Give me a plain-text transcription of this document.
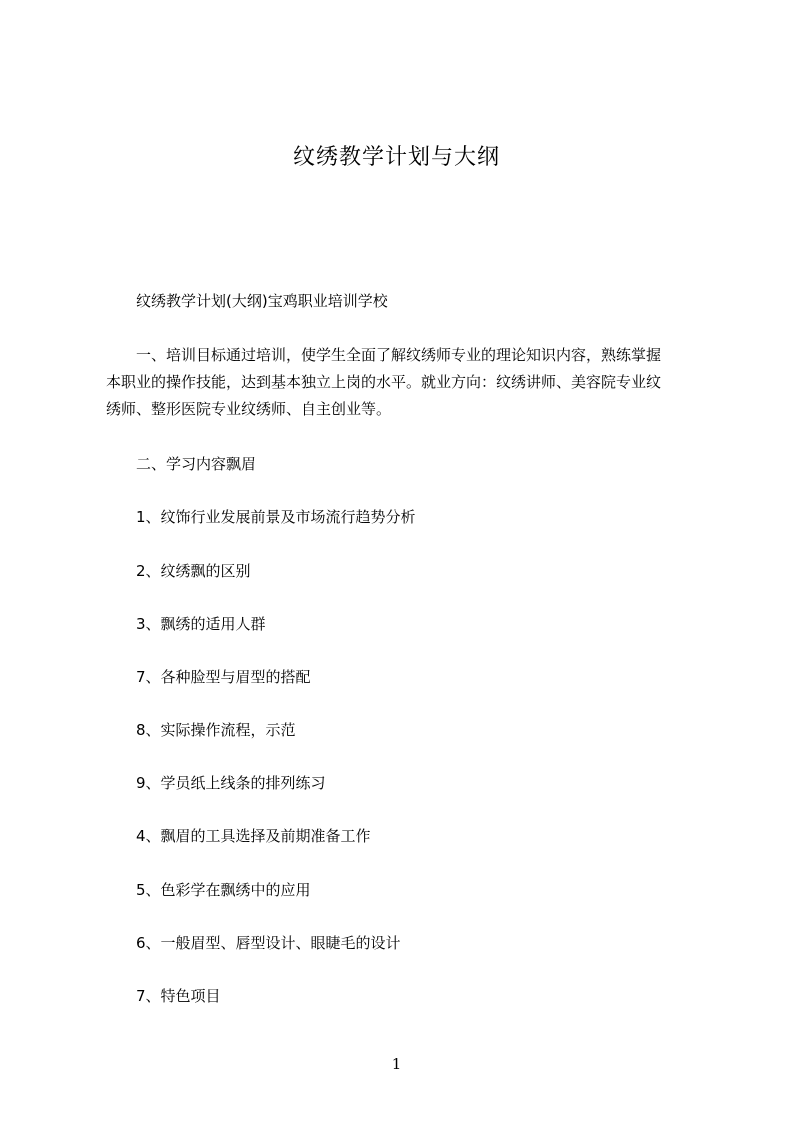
纹绣教学计划与大纲
纹绣教学计划(大纲)宝鸡职业培训学校
一、培训目标通过培训，使学生全面了解纹绣师专业的理论知识内容，熟练掌握
本职业的操作技能，达到基本独立上岗的水平。就业方向：纹绣讲师、美容院专业纹
绣师、整形医院专业纹绣师、自主创业等。
二、学习内容飘眉
1、纹饰行业发展前景及市场流行趋势分析
2、纹绣飘的区别
3、飘绣的适用人群
7、各种脸型与眉型的搭配
8、实际操作流程，示范
9、学员纸上线条的排列练习
4、飘眉的工具选择及前期准备工作
5、色彩学在飘绣中的应用
6、一般眉型、唇型设计、眼睫毛的设计
7、特色项目
1
